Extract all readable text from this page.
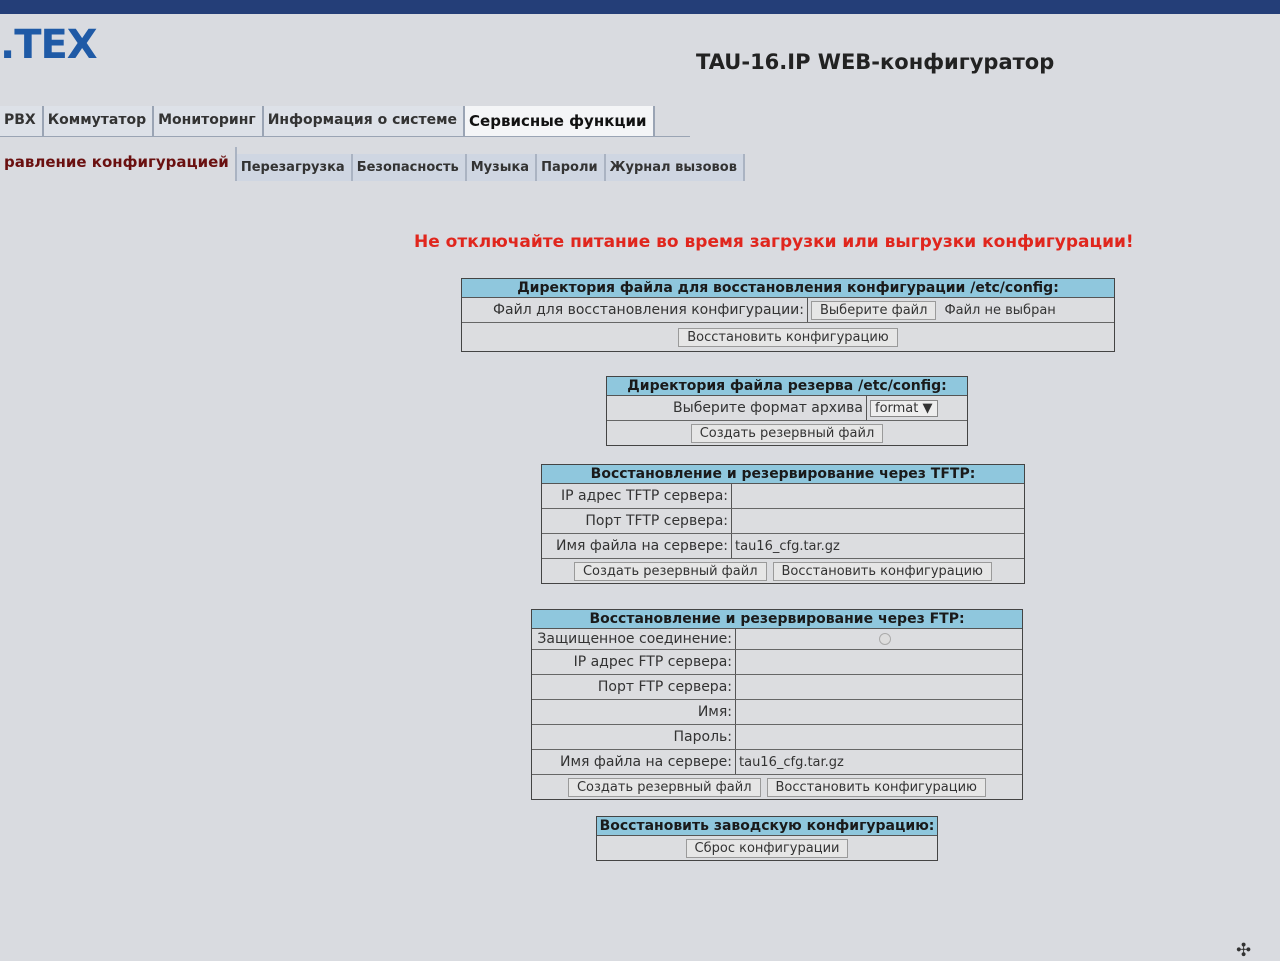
.TEX	TAU-16.IP WEB-конфигуратор
PBX Коммутатор Мониторинг Информация о системе Сервисные функции
равление конфигурацией Перезагрузка Безопасность Музыка Пароли Журнал вызовов
Не отключайте питание во время загрузки или выгрузки конфигурации!
Директория файла для восстановления конфигурации /etc/config:
Файл для восстановления конфигурации:	Выберите файл	Файл не выбран
Восстановить конфигурацию
Директория файла резерва /etc/config:
Выберите формат архива format ▼
Создать резервный файл
Восстановление и резервирование через TFTP:
IP адрес TFTP сервера:
Порт TFTP сервера:
Имя файла на сервере: tau16_cfg.tar.gz
Создать резервный файл	Восстановить конфигурацию
Восстановление и резервирование через FTP:
Защищенное соединение:
IP адрес FTP сервера:
Порт FTP сервера:
Имя:
Пароль:
Имя файла на сервере: tau16_cfg.tar.gz
Создать резервный файл	Восстановить конфигурацию
Восстановить заводскую конфигурацию:
Сброс конфигурации
✣
